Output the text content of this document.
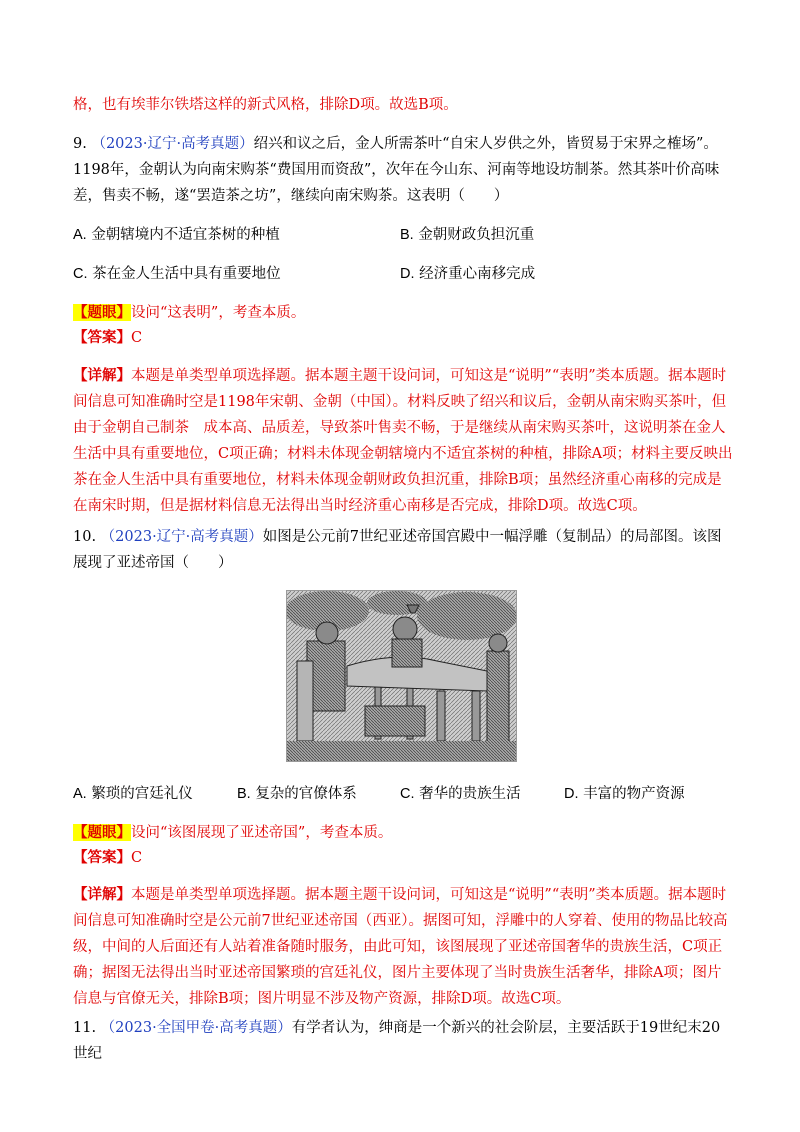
格，也有埃菲尔铁塔这样的新式风格，排除D项。故选B项。
9. （2023·辽宁·高考真题）绍兴和议之后，金人所需茶叶“自宋人岁供之外，皆贸易于宋界之榷场”。1198年，金朝认为向南宋购茶“费国用而资敌”，次年在今山东、河南等地设坊制茶。然其茶叶价高味差，售卖不畅，遂“罢造茶之坊”，继续向南宋购茶。这表明（　　）
A. 金朝辖境内不适宜茶树的种植	B. 金朝财政负担沉重
C. 茶在金人生活中具有重要地位	D. 经济重心南移完成
【题眼】设问“这表明”，考查本质。
【答案】C
【详解】本题是单类型单项选择题。据本题主题干设问词，可知这是“说明”“表明”类本质题。据本题时间信息可知准确时空是1198年宋朝、金朝（中国）。材料反映了绍兴和议后，金朝从南宋购买茶叶，但由于金朝自己制茶　成本高、品质差，导致茶叶售卖不畅，于是继续从南宋购买茶叶，这说明茶在金人生活中具有重要地位，C项正确；材料未体现金朝辖境内不适宜茶树的种植，排除A项；材料主要反映出茶在金人生活中具有重要地位，材料未体现金朝财政负担沉重，排除B项；虽然经济重心南移的完成是在南宋时期，但是据材料信息无法得出当时经济重心南移是否完成，排除D项。故选C项。
10. （2023·辽宁·高考真题）如图是公元前7世纪亚述帝国宫殿中一幅浮雕（复制品）的局部图。该图展现了亚述帝国（　　）
A. 繁琐的宫廷礼仪	B. 复杂的官僚体系	C. 奢华的贵族生活	D. 丰富的物产资源
【题眼】设问“该图展现了亚述帝国”，考查本质。
【答案】C
【详解】本题是单类型单项选择题。据本题主题干设问词，可知这是“说明”“表明”类本质题。据本题时间信息可知准确时空是公元前7世纪亚述帝国（西亚）。据图可知，浮雕中的人穿着、使用的物品比较高级，中间的人后面还有人站着准备随时服务，由此可知，该图展现了亚述帝国奢华的贵族生活，C项正确；据图无法得出当时亚述帝国繁琐的宫廷礼仪，图片主要体现了当时贵族生活奢华，排除A项；图片信息与官僚无关，排除B项；图片明显不涉及物产资源，排除D项。故选C项。
11. （2023·全国甲卷·高考真题）有学者认为，绅商是一个新兴的社会阶层，主要活跃于19世纪末20世纪
